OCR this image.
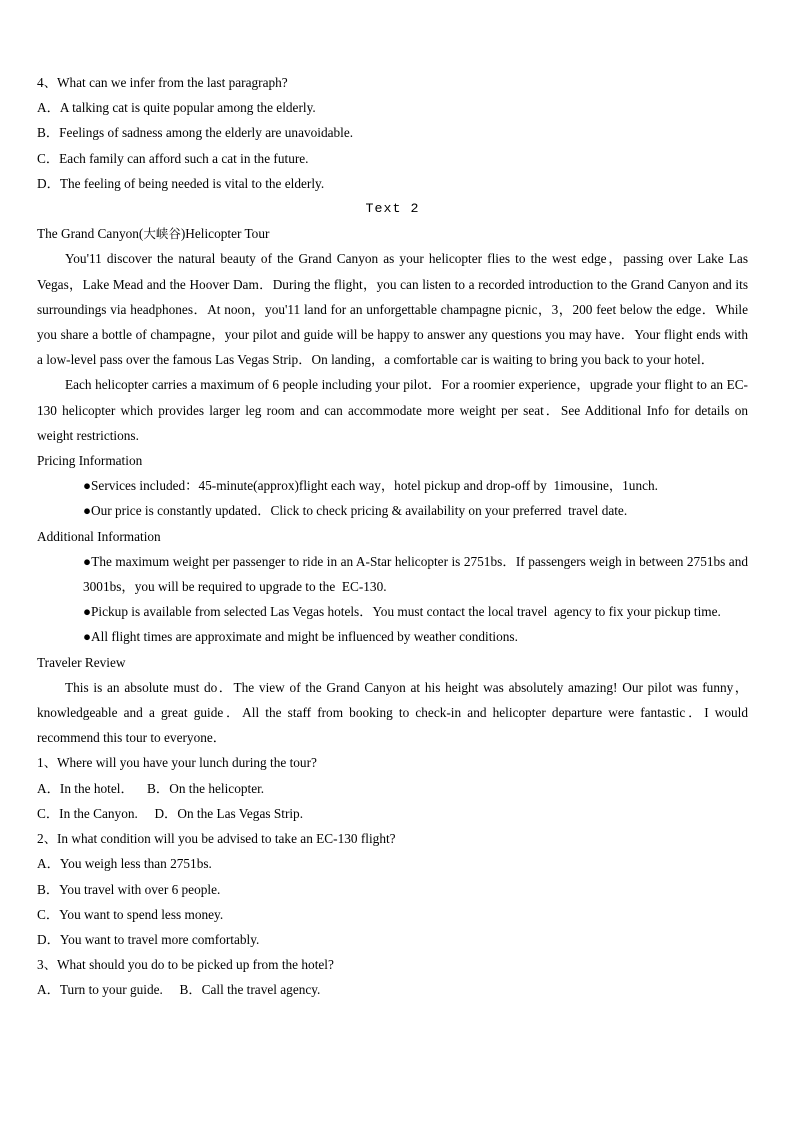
4、What can we infer from the last paragraph?
A．A talking cat is quite popular among the elderly.
B．Feelings of sadness among the elderly are unavoidable.
C．Each family can afford such a cat in the future.
D．The feeling of being needed is vital to the elderly.
Text 2
The Grand Canyon(大峡谷)Helicopter Tour
You'11 discover the natural beauty of the Grand Canyon as your helicopter flies to the west edge，passing over Lake Las Vegas，Lake Mead and the Hoover Dam．During the flight，you can listen to a recorded introduction to the Grand Canyon and its surroundings via headphones．At noon，you'11 land for an unforgettable champagne picnic，3，200 feet below the edge．While you share a bottle of champagne，your pilot and guide will be happy to answer any questions you may have．Your flight ends with a low-level pass over the famous Las Vegas Strip．On landing，a comfortable car is waiting to bring you back to your hotel．
Each helicopter carries a maximum of 6 people including your pilot．For a roomier experience，upgrade your flight to an EC-130 helicopter which provides larger leg room and can accommodate more weight per seat．See Additional Info for details on weight restrictions.
Pricing Information
●Services included：45-minute(approx)flight each way，hotel pickup and drop-off by  1imousine，1unch.
●Our price is constantly updated．Click to check pricing & availability on your preferred  travel date.
Additional Information
●The maximum weight per passenger to ride in an A-Star helicopter is 2751bs．If passengers weigh in between 2751bs and 3001bs，you will be required to upgrade to the  EC-130.
●Pickup is available from selected Las Vegas hotels．You must contact the local travel  agency to fix your pickup time.
●All flight times are approximate and might be influenced by weather conditions.
Traveler Review
This is an absolute must do．The view of the Grand Canyon at his height was absolutely amazing! Our pilot was funny，knowledgeable and a great guide．All the staff from booking to check-in and helicopter departure were fantastic．I would recommend this tour to everyone．
1、Where will you have your lunch during the tour?
A．In the hotel．    B．On the helicopter.
C．In the Canyon.     D．On the Las Vegas Strip.
2、In what condition will you be advised to take an EC-130 flight?
A．You weigh less than 2751bs.
B．You travel with over 6 people.
C．You want to spend less money.
D．You want to travel more comfortably.
3、What should you do to be picked up from the hotel?
A．Turn to your guide.     B．Call the travel agency.
